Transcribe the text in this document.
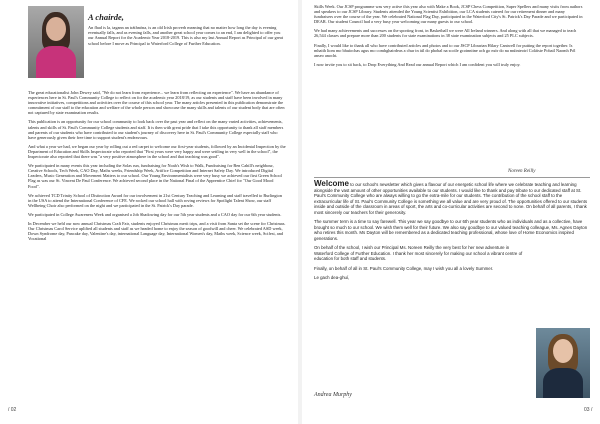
A chairde,

An fhad is la, tagann an tráthnóna, is an old Irish proverb meaning that no matter how long the day is evening eventually falls, and as evening falls, and another great school year comes to an end, I am delighted to offer you our Annual Report for the Academic Year 2018-2019. This is also my last Annual Report as Principal of our great school before I move as Principal to Waterford College of Further Education.

The great educationalist John Dewey said, "We do not learn from experience... we learn from reflecting on experience". We have an abundance of experiences here in St. Paul's Community College to reflect on for the academic year 2018/19, as our students and staff have been involved in many innovative initiatives, competitions and activities over the course of this school year. The many articles presented in this publication demonstrate the commitment of our staff to the education and welfare of the whole person and showcase the many skills and talents of our student body that are often not captured by state examination results.

This publication is an opportunity for our school community to look back over the past year and reflect on the many varied activities, achievements, talents and skills of St. Paul's Community College students and staff. It is then with great pride that I take this opportunity to thank all staff members and parents of our students who have contributed to our student's journey of discovery here in St. Paul's Community College especially staff who have generously given their free time to support student's endeavours.

And what a year we had, we began our year by rolling out a red carpet to welcome our first-year students, followed by an Incidental Inspection by the Department of Education and Skills Inspectorate who reported that "First years were very happy and were settling in very well in the school", the Inspectorate also reported that there was "a very positive atmosphere in the school and that teaching was good".

We participated in many events this year including the Solas run, fundraising for Noah's Wish to Walk, Fundraising for Ben Cahill's neighbour, Creative Schools, Tech Week, CAO Day, Maths weeks, Friendship Week, Artifice Competition and Internet Safety Day. We introduced Digital Leaders, Music Generation and Movement Matters to our school. Our Young Environmentalists were very busy we achieved our first Green School Flag as was our St. Vincent De Paul Conference. We achieved second place in the National Final of the Apprentice Chief for "Our Good Mood Food".

We achieved TCD Trinity School of Distinction Award for our involvement in 21st Century Teaching and Learning and staff travelled to Burlington in the USA to attend the International Conference of CFE. We rocked our school hall with roving reviews for Spotlight Talent Show, our staff Wellbeing Choir also performed on the night and we participated in the St. Patrick's Day parade.

We participated in College Awareness Week and organised a Job Shadowing day for our 5th year students and a CAO day for our 6th year students.

In December we held our now annual Christmas Craft Fair, students enjoyed Christmas merit trips, and a visit from Santa set the scene for Christmas. Our Christmas Carol Service uplifted all students and staff as we headed home to enjoy the season of goodwill and cheer. We celebrated ASD week, Down Syndrome day, Pancake day, Valentine's day, international Language day, International Women's day, Maths week, Science week, Scifest, and Vocational

/ 02

Skills Week. Our JCSP programme was very active this year also with Make a Book, JCSP Chess Competition, Super Spellers and many visits from authors and speakers to our JCSP Library. Students attended the Young Scientist Exhibition, our LCA students catered for our retirement dinner and many fundraisers over the course of the year. We celebrated National Flag Day, participated in the Waterford City's St. Patrick's Day Parade and we participated in DEAR. Our student Council had a very busy year welcoming our many guests to our school.

We had many achievements and successes on the sporting front, in Basketball we were All Ireland winners. And along with all that we managed to teach 26,544 classes and prepare more than 200 students for state examinations in 38 state examination subjects and 25 PLC subjects.

Finally, I would like to thank all who have contributed articles and photos and to our JSCP Librarian Hilary Cantwell for putting the report together. Is mhaith liom mo bhuíochas agus mo comhghairdeas a chur in iúl do phobal na scoile gcoinnitne ach go mór do na múinteoirí Coláiste Pobail Naomh Pól anseo anocht.

I now invite you to sit back, to Drop Everything And Read our annual Report which I am confident you will truly enjoy.

Noreen Reilly

Welcome to our school's newsletter which gives a flavour of our energetic school life where we celebrate teaching and learning alongside the vast amount of other opportunities available to our students. I would like to thank and pay tribute to our dedicated staff at St. Paul's Community College who are always willing to go the extra-mile for our students. The contribution of the school staff to the extracurricular life of St. Paul's Community College is something we all value and are very proud of. The opportunities offered to our students inside and outside of the classroom in areas of sport, the arts and co-curricular activities are second to none. On behalf of all parents, I thank most sincerely our teachers for their generosity.

The summer term is a time to say farewell. This year we say goodbye to our 6th year students who as individuals and as a collective, have brought so much to our school. We wish them well for their future. We also say goodbye to our valued teaching colleague, Ms. Agnes Dayton who retires this month. Ms Dayton will be remembered as a dedicated teaching professional, whose love of Home Economics inspired generations.

On behalf of the school, I wish our Principal Ms. Noreen Reilly the very best for her new adventure in Waterford College of Further Education. I thank her most sincerely for making our school a vibrant centre of education for both staff and students.

Finally, on behalf of all in St. Paul's Community College, may I wish you all a lovely Summer.

Le gach dea-ghuí,

Andrea Murphy
03 /
